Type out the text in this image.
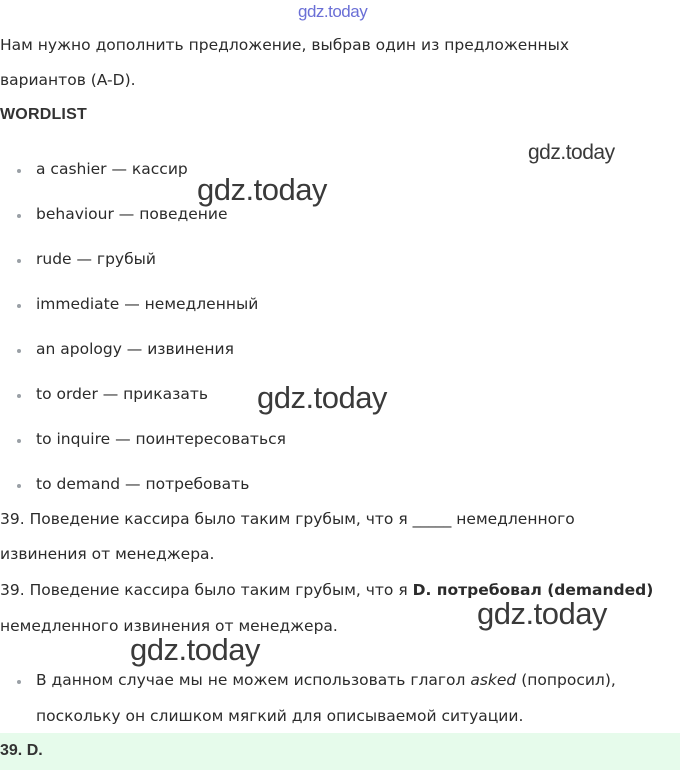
gdz.today
Нам нужно дополнить предложение, выбрав один из предложенных
вариантов (A-D).
WORDLIST
gdz.today
a cashier — кассир
behaviour — поведение
rude — грубый
immediate — немедленный
an apology — извинения
to order — приказать
to inquire — поинтересоваться
to demand — потребовать
gdz.today
gdz.today
39. Поведение кассира было таким грубым, что я _____ немедленного
извинения от менеджера.
39. Поведение кассира было таким грубым, что я D. потребовал (demanded)
немедленного извинения от менеджера.	gdz.today
gdz.today
В данном случае мы не можем использовать глагол asked (попросил),
поскольку он слишком мягкий для описываемой ситуации.
39. D.
